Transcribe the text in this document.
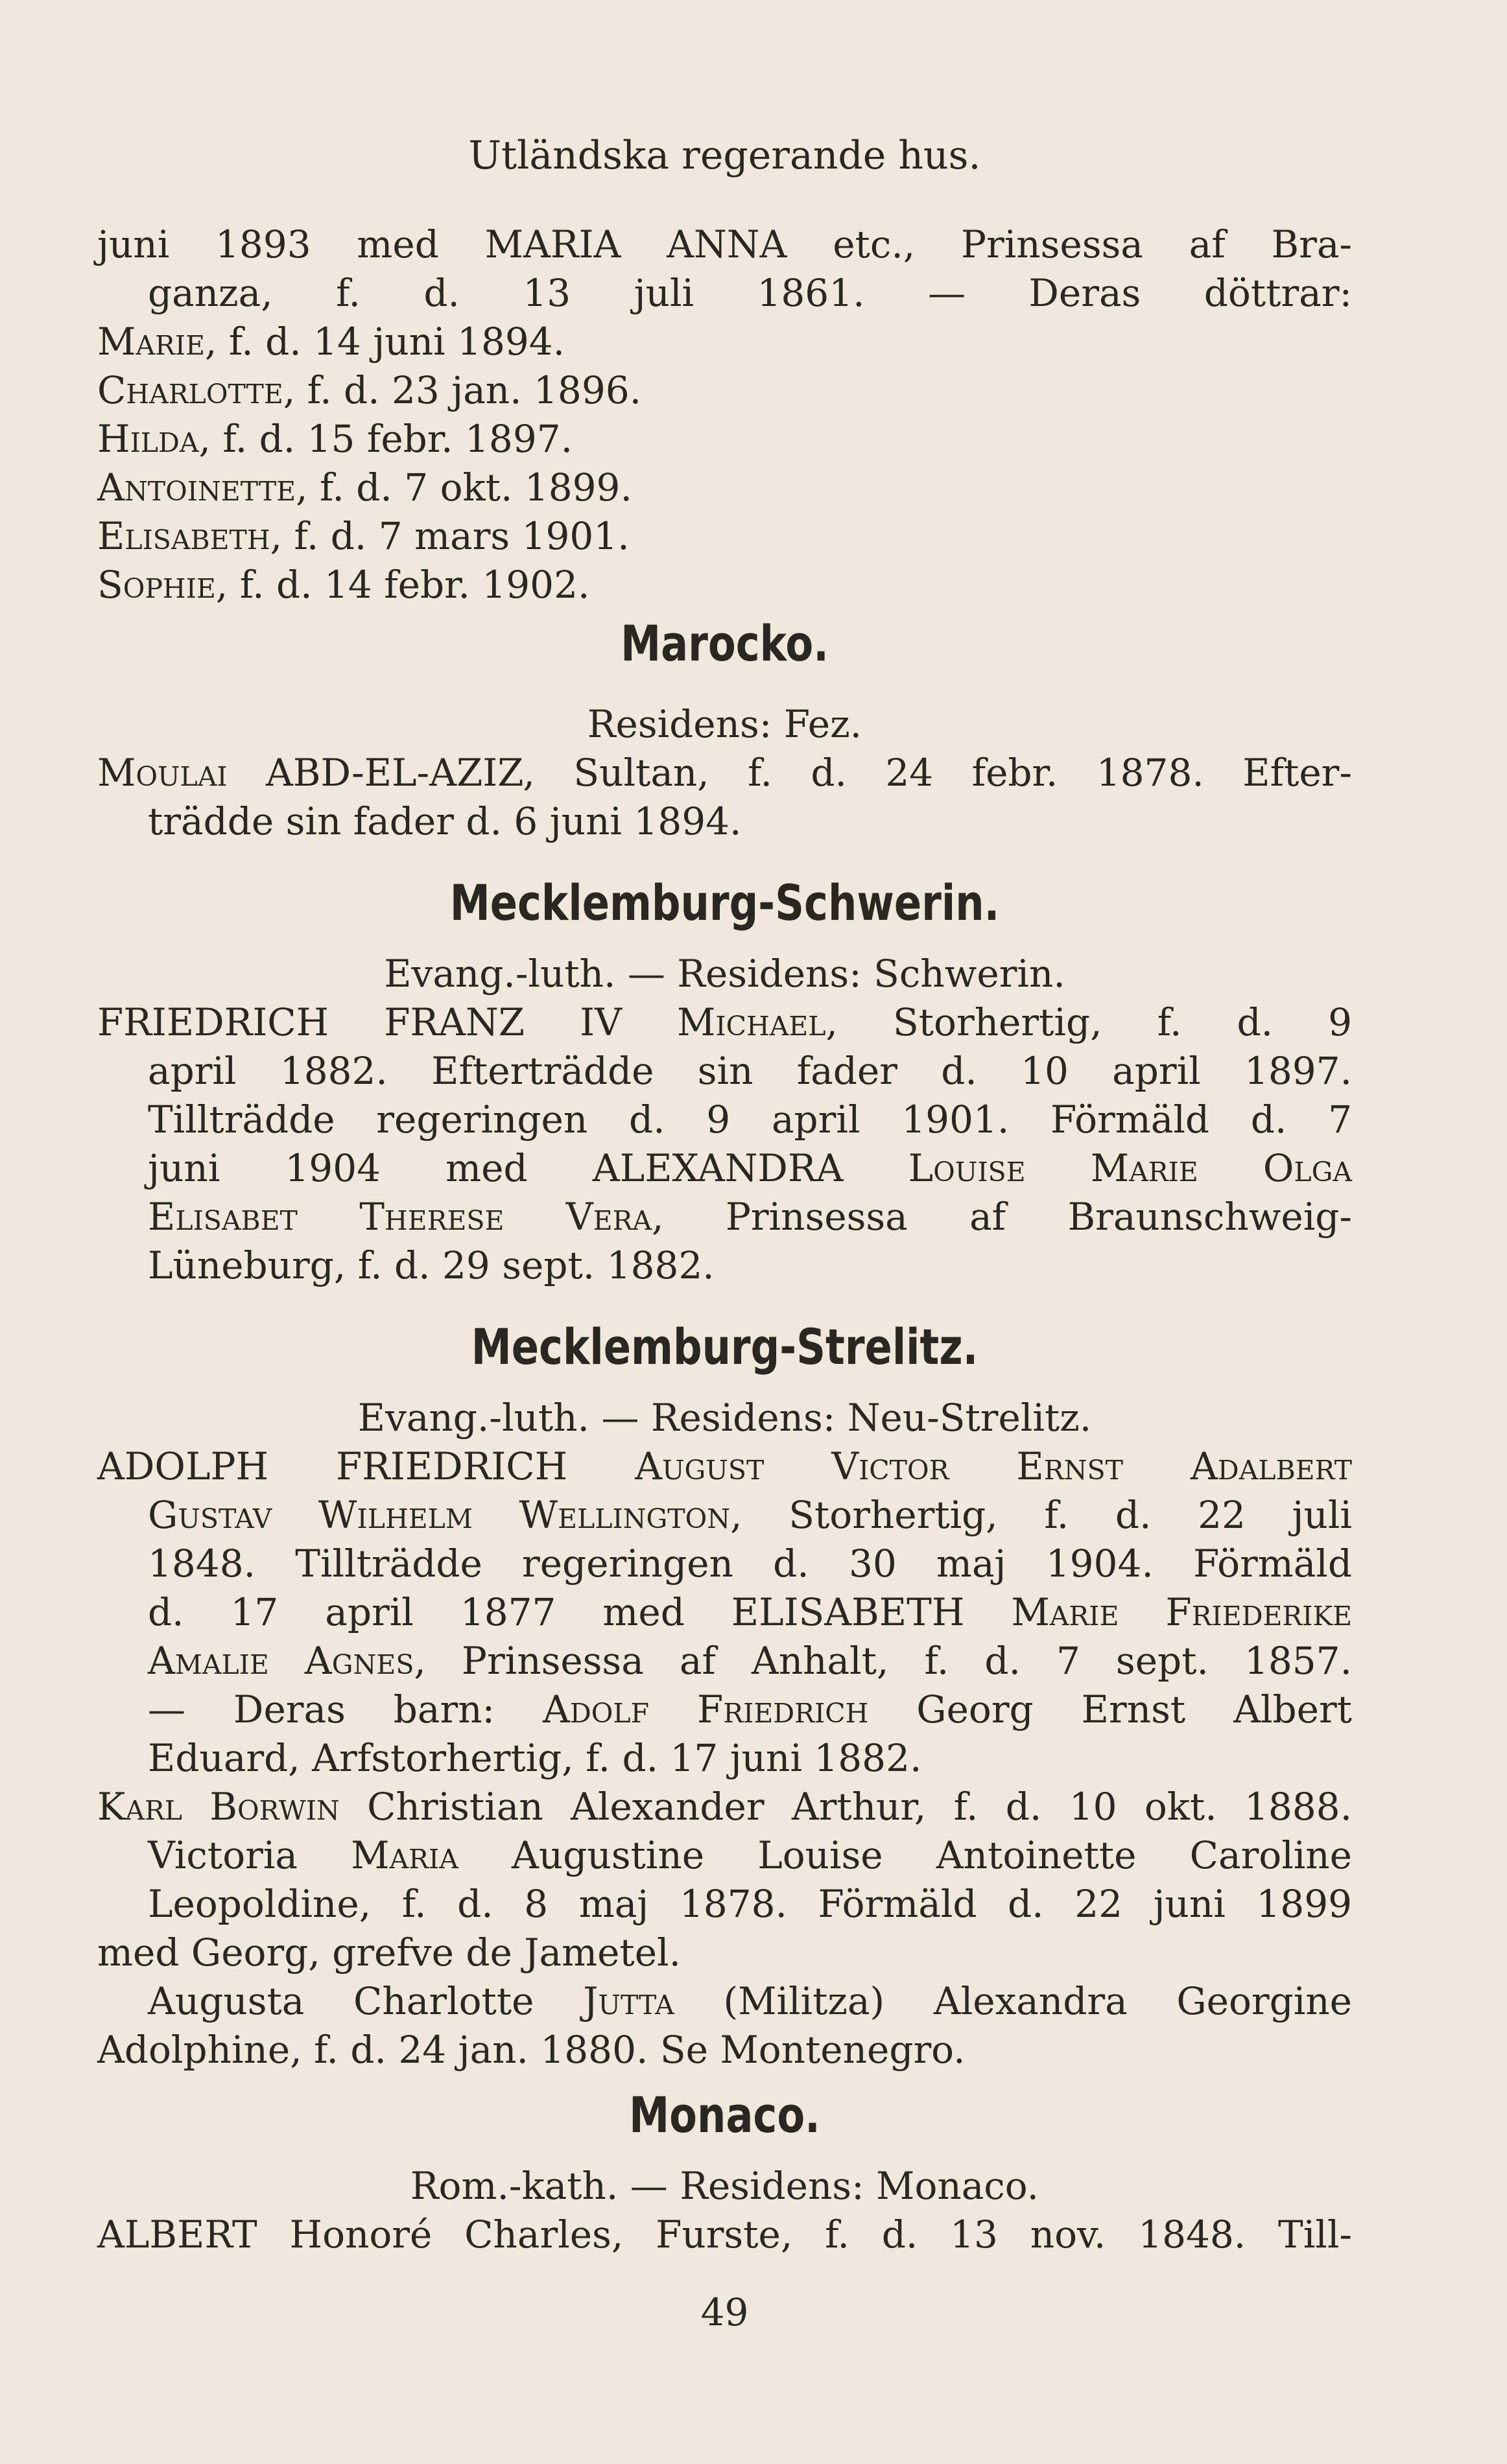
Utländska regerande hus.
juni 1893 med MARIA ANNA etc., Prinsessa af Bra-
ganza, f. d. 13 juli 1861. — Deras döttrar:
Marie, f. d. 14 juni 1894.
Charlotte, f. d. 23 jan. 1896.
Hilda, f. d. 15 febr. 1897.
Antoinette, f. d. 7 okt. 1899.
Elisabeth, f. d. 7 mars 1901.
Sophie, f. d. 14 febr. 1902.
Marocko.
Residens: Fez.
Moulai ABD-EL-AZIZ, Sultan, f. d. 24 febr. 1878. Efter-
trädde sin fader d. 6 juni 1894.
Mecklemburg-Schwerin.
Evang.-luth. — Residens: Schwerin.
FRIEDRICH FRANZ IV Michael, Storhertig, f. d. 9
april 1882. Efterträdde sin fader d. 10 april 1897.
Tillträdde regeringen d. 9 april 1901. Förmäld d. 7
juni 1904 med ALEXANDRA Louise Marie Olga
Elisabet Therese Vera, Prinsessa af Braunschweig-
Lüneburg, f. d. 29 sept. 1882.
Mecklemburg-Strelitz.
Evang.-luth. — Residens: Neu-Strelitz.
ADOLPH FRIEDRICH August Victor Ernst Adalbert
Gustav Wilhelm Wellington, Storhertig, f. d. 22 juli
1848. Tillträdde regeringen d. 30 maj 1904. Förmäld
d. 17 april 1877 med ELISABETH Marie Friederike
Amalie Agnes, Prinsessa af Anhalt, f. d. 7 sept. 1857.
— Deras barn: Adolf Friedrich Georg Ernst Albert
Eduard, Arfstorhertig, f. d. 17 juni 1882.
Karl Borwin Christian Alexander Arthur, f. d. 10 okt. 1888.
Victoria Maria Augustine Louise Antoinette Caroline
Leopoldine, f. d. 8 maj 1878. Förmäld d. 22 juni 1899
med Georg, grefve de Jametel.
Augusta Charlotte Jutta (Militza) Alexandra Georgine
Adolphine, f. d. 24 jan. 1880. Se Montenegro.
Monaco.
Rom.-kath. — Residens: Monaco.
ALBERT Honoré Charles, Furste, f. d. 13 nov. 1848. Till-
49
